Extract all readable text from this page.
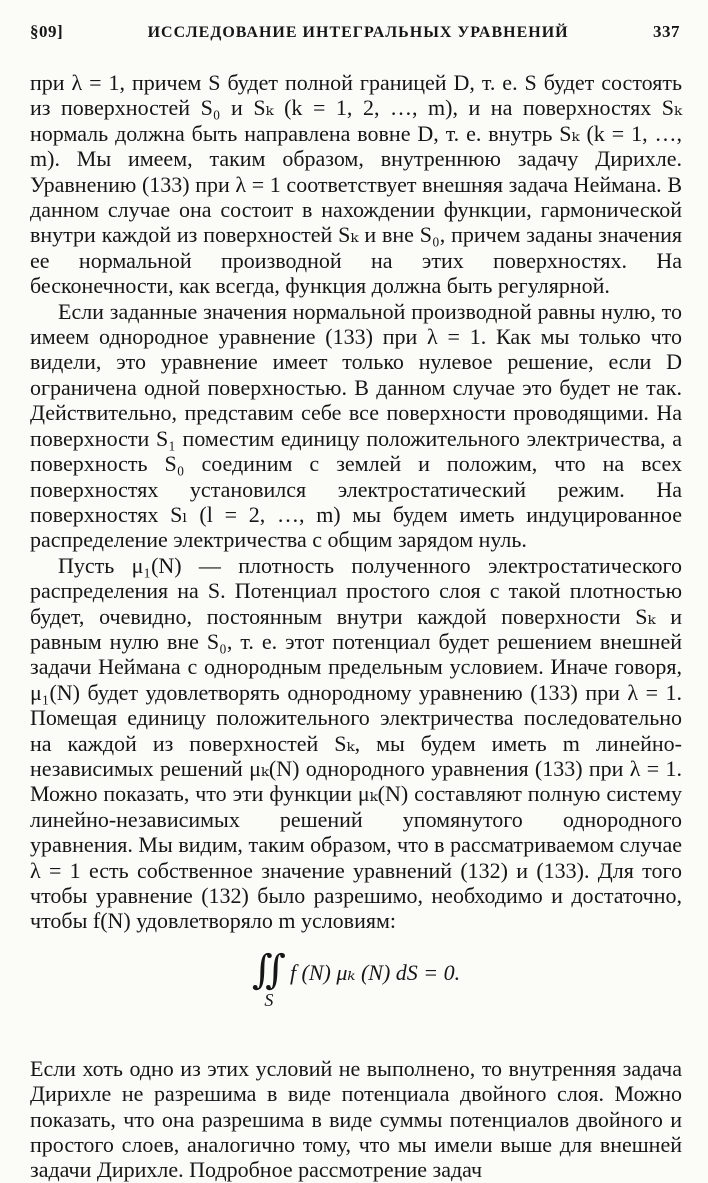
§09]	ИССЛЕДОВАНИЕ ИНТЕГРАЛЬНЫХ УРАВНЕНИЙ	337

при λ = 1, причем S будет полной границей D, т. е. S будет состоять из поверхностей S₀ и Sₖ (k = 1, 2, …, m), и на поверхностях Sₖ нормаль должна быть направлена вовне D, т. е. внутрь Sₖ (k = 1, …, m). Мы имеем, таким образом, внутреннюю задачу Дирихле. Уравнению (133) при λ = 1 соответствует внешняя задача Неймана. В данном случае она состоит в нахождении функции, гармонической внутри каждой из поверхностей Sₖ и вне S₀, причем заданы значения ее нормальной производной на этих поверхностях. На бесконечности, как всегда, функция должна быть регулярной.

Если заданные значения нормальной производной равны нулю, то имеем однородное уравнение (133) при λ = 1. Как мы только что видели, это уравнение имеет только нулевое решение, если D ограничена одной поверхностью. В данном случае это будет не так. Действительно, представим себе все поверхности проводящими. На поверхности S₁ поместим единицу положительного электричества, а поверхность S₀ соединим с землей и положим, что на всех поверхностях установился электростатический режим. На поверхностях Sₗ (l = 2, …, m) мы будем иметь индуцированное распределение электричества с общим зарядом нуль.

Пусть μ₁(N) — плотность полученного электростатического распределения на S. Потенциал простого слоя с такой плотностью будет, очевидно, постоянным внутри каждой поверхности Sₖ и равным нулю вне S₀, т. е. этот потенциал будет решением внешней задачи Неймана с однородным предельным условием. Иначе говоря, μ₁(N) будет удовлетворять однородному уравнению (133) при λ = 1. Помещая единицу положительного электричества последовательно на каждой из поверхностей Sₖ, мы будем иметь m линейно-независимых решений μₖ(N) однородного уравнения (133) при λ = 1. Можно показать, что эти функции μₖ(N) составляют полную систему линейно-независимых решений упомянутого однородного уравнения. Мы видим, таким образом, что в рассматриваемом случае λ = 1 есть собственное значение уравнений (132) и (133). Для того чтобы уравнение (132) было разрешимо, необходимо и достаточно, чтобы f(N) удовлетворяло m условиям:

∬
S
f (N) μₖ (N) dS = 0.

Если хоть одно из этих условий не выполнено, то внутренняя задача Дирихле не разрешима в виде потенциала двойного слоя. Можно показать, что она разрешима в виде суммы потенциалов двойного и простого слоев, аналогично тому, что мы имели выше для внешней задачи Дирихле. Подробное рассмотрение задач
